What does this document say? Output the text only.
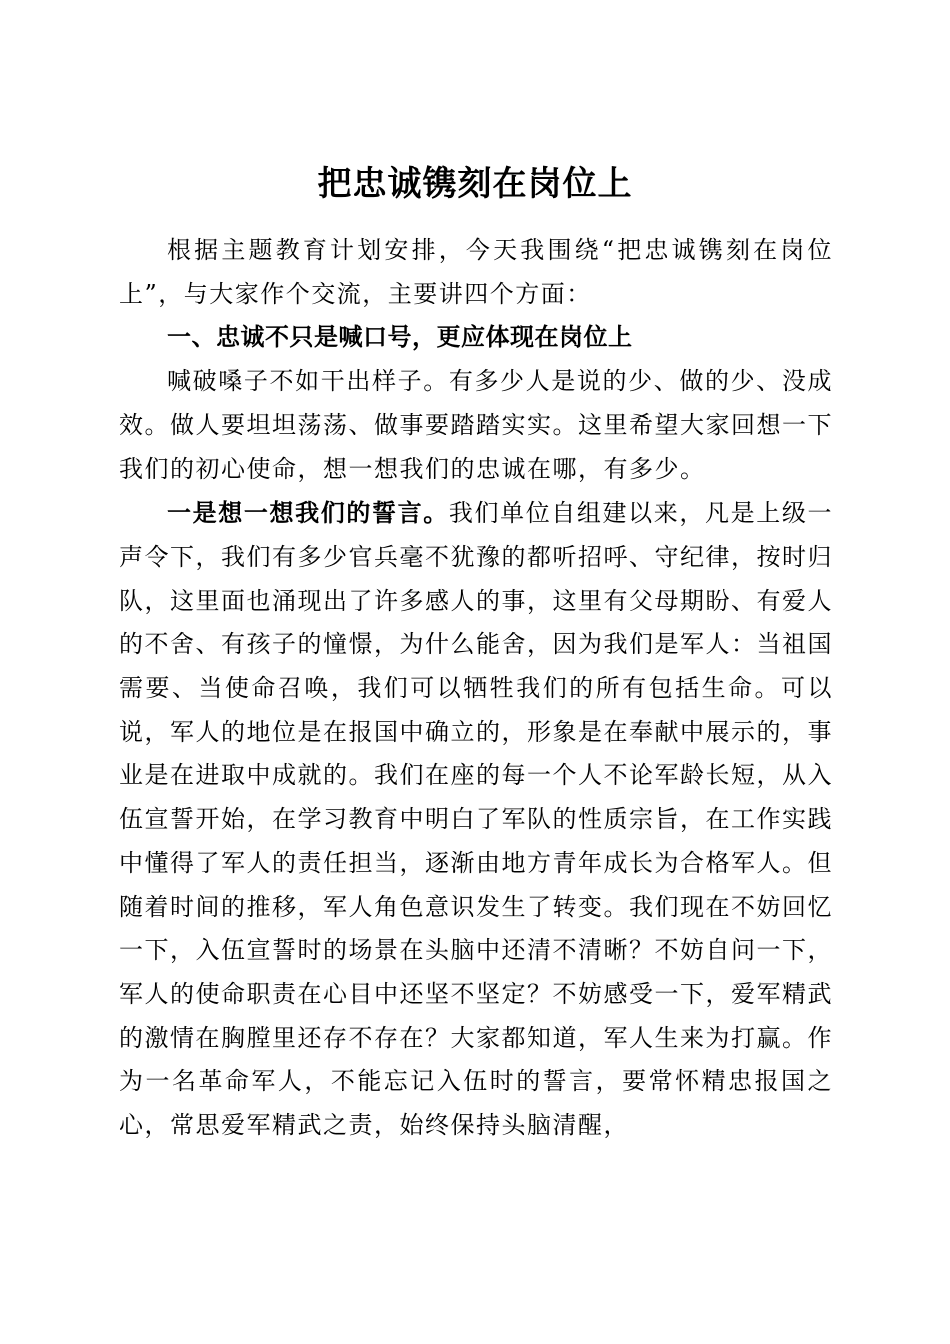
把忠诚镌刻在岗位上

根据主题教育计划安排，今天我围绕“把忠诚镌刻在岗位上”，与大家作个交流，主要讲四个方面：

一、忠诚不只是喊口号，更应体现在岗位上

喊破嗓子不如干出样子。有多少人是说的少、做的少、没成效。做人要坦坦荡荡、做事要踏踏实实。这里希望大家回想一下我们的初心使命，想一想我们的忠诚在哪，有多少。

一是想一想我们的誓言。我们单位自组建以来，凡是上级一声令下，我们有多少官兵毫不犹豫的都听招呼、守纪律，按时归队，这里面也涌现出了许多感人的事，这里有父母期盼、有爱人的不舍、有孩子的憧憬，为什么能舍，因为我们是军人：当祖国需要、当使命召唤，我们可以牺牲我们的所有包括生命。可以说，军人的地位是在报国中确立的，形象是在奉献中展示的，事业是在进取中成就的。我们在座的每一个人不论军龄长短，从入伍宣誓开始，在学习教育中明白了军队的性质宗旨，在工作实践中懂得了军人的责任担当，逐渐由地方青年成长为合格军人。但随着时间的推移，军人角色意识发生了转变。我们现在不妨回忆一下，入伍宣誓时的场景在头脑中还清不清晰？不妨自问一下，军人的使命职责在心目中还坚不坚定？不妨感受一下，爱军精武的激情在胸膛里还存不存在？大家都知道，军人生来为打赢。作为一名革命军人，不能忘记入伍时的誓言，要常怀精忠报国之心，常思爱军精武之责，始终保持头脑清醒，
